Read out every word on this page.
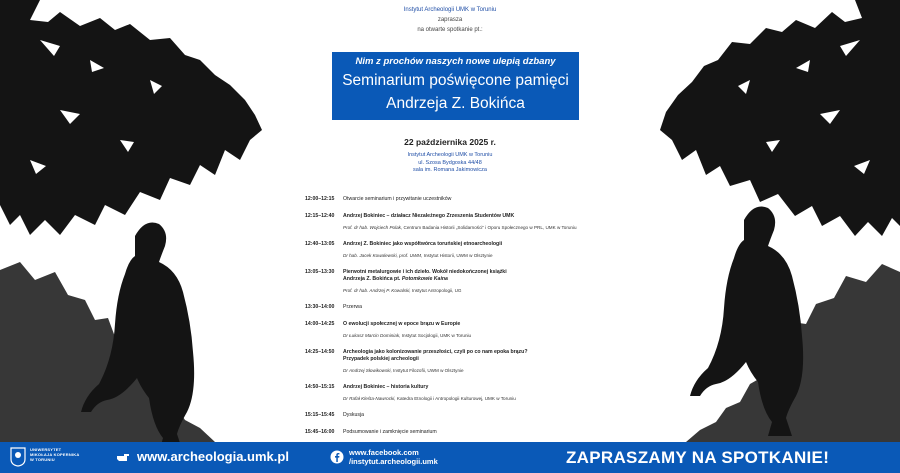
Instytut Archeologii UMK w Toruniu
zaprasza
na otwarte spotkanie pt.:
Nim z prochów naszych nowe ulepią dzbany
Seminarium poświęcone pamięci
Andrzeja Z. Bokińca
22 października 2025 r.
Instytut Archeologii UMK w Toruniu
ul. Szosa Bydgoska 44/48
sala im. Romana Jakimowicza
12:00–12:15	Otwarcie seminarium i przywitanie uczestników
12:15–12:40	Andrzej Bokiniec – działacz Niezależnego Zrzeszenia Studentów UMK
Prof. dr hab. Wojciech Polak, Centrum Badania Historii „Solidarności” i Oporu Społecznego w PRL, UMK w Toruniu
12:40–13:05	Andrzej Z. Bokiniec jako współtwórca toruńskiej etnoarcheologii
Dr hab. Jacek Kowalewski, prof. UWM, Instytut Historii, UWM w Olsztynie
13:05–13:30	Pierwotni metalurgowie i ich dzieło. Wokół niedokończonej książki
Andrzeja Z. Bokińca pt. Potomkowie Kaina
Prof. dr hab. Andrzej P. Kowalski, Instytut Antropologii, UG
13:30–14:00	Przerwa
14:00–14:25	O ewolucji społecznej w epoce brązu w Europie
Dr Łukasz Marcin Dominiak, Instytut Socjologii, UMK w Toruniu
14:25–14:50	Archeologia jako kolonizowanie przeszłości, czyli po co nam epoka brązu?
Przypadek polskiej archeologii
Dr Andrzej Słowikowski, Instytut Filozofii, UWM w Olsztynie
14:50–15:15	Andrzej Bokiniec – historia kultury
Dr Rafał Kleśta-Nawrocki, Katedra Etnologii i Antropologii Kulturowej, UMK w Toruniu
15:15–15:45	Dyskusja
15:45–16:00	Podsumowanie i zamknięcie seminarium
UNIWERSYTET
MIKOŁAJA KOPERNIKA
W TORUNIU	www.archeologia.umk.pl	www.facebook.com
/instytut.archeologii.umk	ZAPRASZAMY NA SPOTKANIE!
